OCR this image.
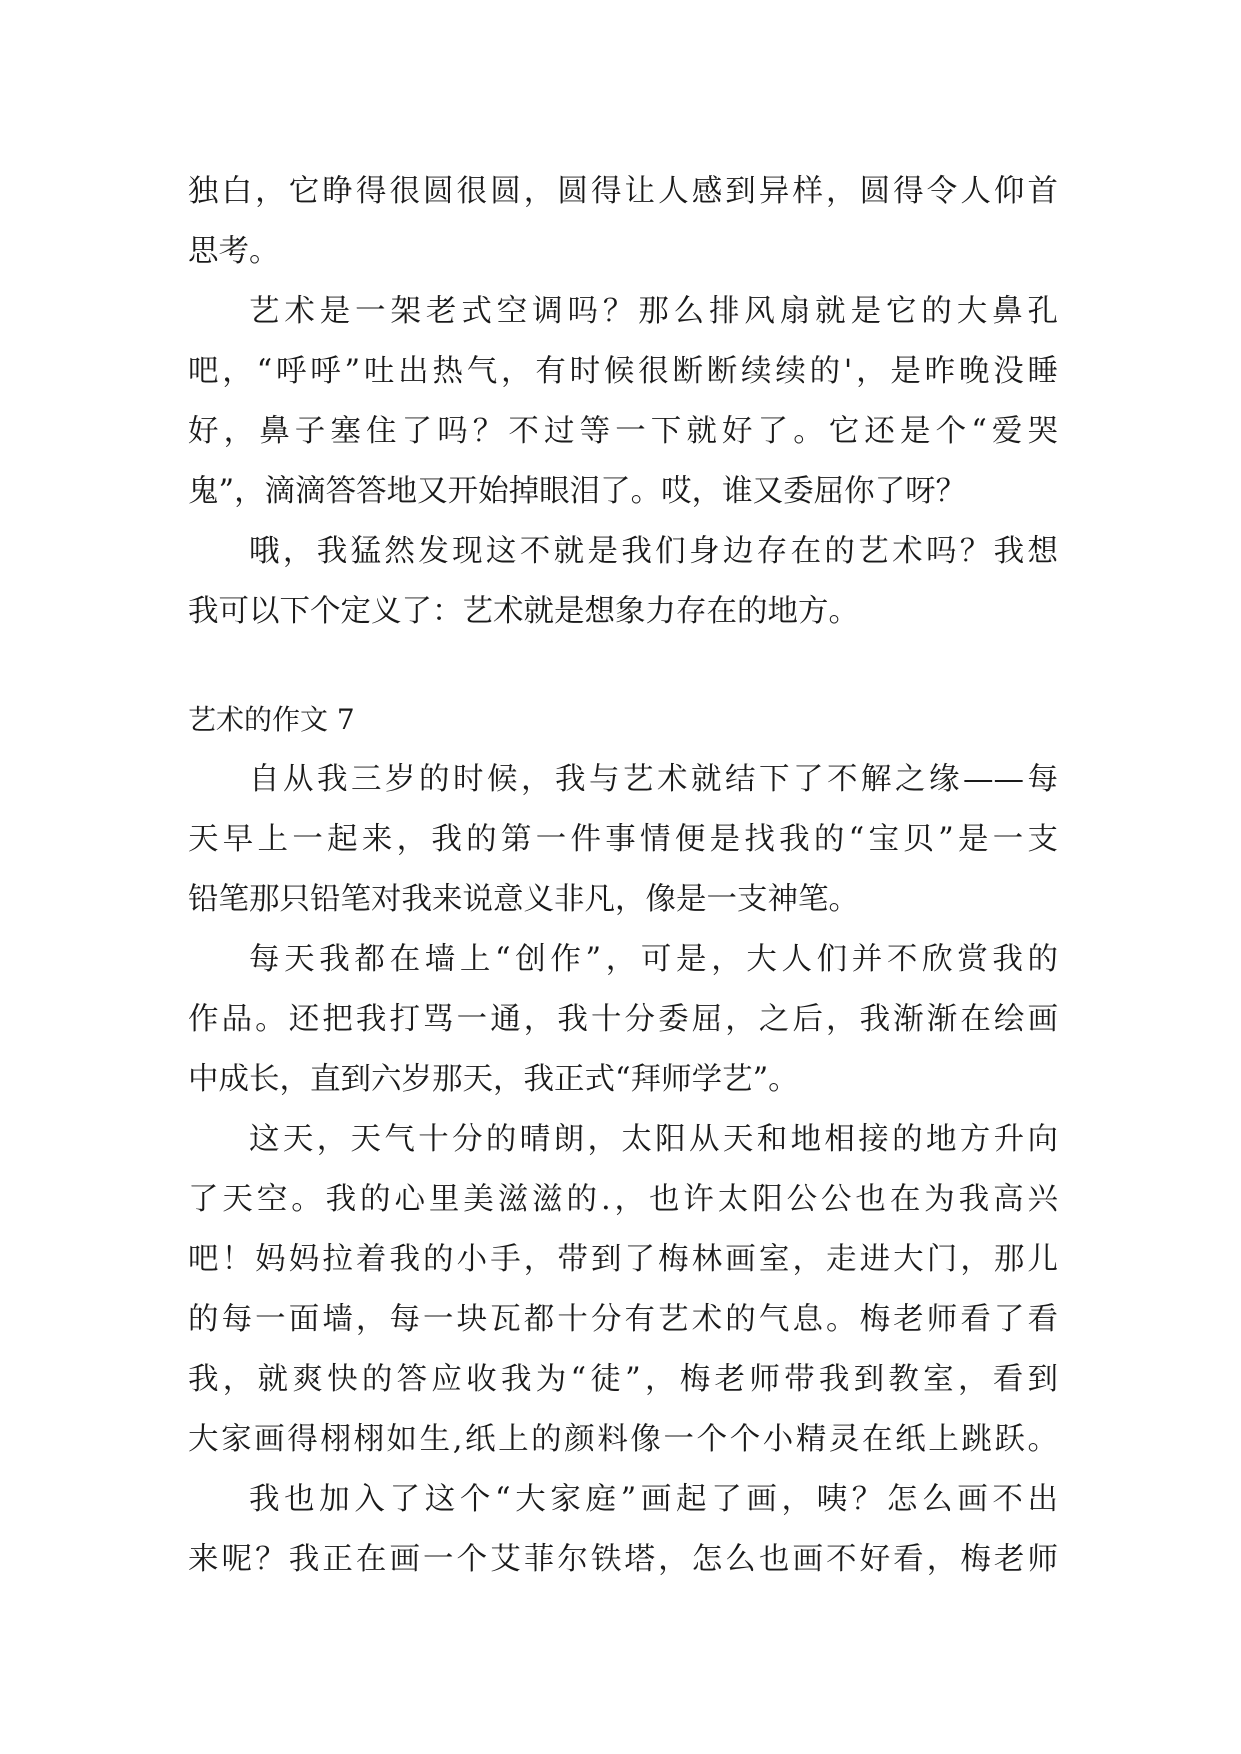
独白，它睁得很圆很圆，圆得让人感到异样，圆得令人仰首
思考。
艺术是一架老式空调吗？那么排风扇就是它的大鼻孔
吧，“呼呼”吐出热气，有时候很断断续续的'，是昨晚没睡
好，鼻子塞住了吗？不过等一下就好了。它还是个“爱哭
鬼”，滴滴答答地又开始掉眼泪了。哎，谁又委屈你了呀？
哦，我猛然发现这不就是我们身边存在的艺术吗？我想
我可以下个定义了：艺术就是想象力存在的地方。
艺术的作文 7
自从我三岁的时候，我与艺术就结下了不解之缘——每
天早上一起来，我的第一件事情便是找我的“宝贝”是一支
铅笔那只铅笔对我来说意义非凡，像是一支神笔。
每天我都在墙上“创作”，可是，大人们并不欣赏我的
作品。还把我打骂一通，我十分委屈，之后，我渐渐在绘画
中成长，直到六岁那天，我正式“拜师学艺”。
这天，天气十分的晴朗，太阳从天和地相接的地方升向
了天空。我的心里美滋滋的.，也许太阳公公也在为我高兴
吧！妈妈拉着我的小手，带到了梅林画室，走进大门，那儿
的每一面墙，每一块瓦都十分有艺术的气息。梅老师看了看
我，就爽快的答应收我为“徒”，梅老师带我到教室，看到
大家画得栩栩如生,纸上的颜料像一个个小精灵在纸上跳跃。
我也加入了这个“大家庭”画起了画，咦？怎么画不出
来呢？我正在画一个艾菲尔铁塔，怎么也画不好看，梅老师
